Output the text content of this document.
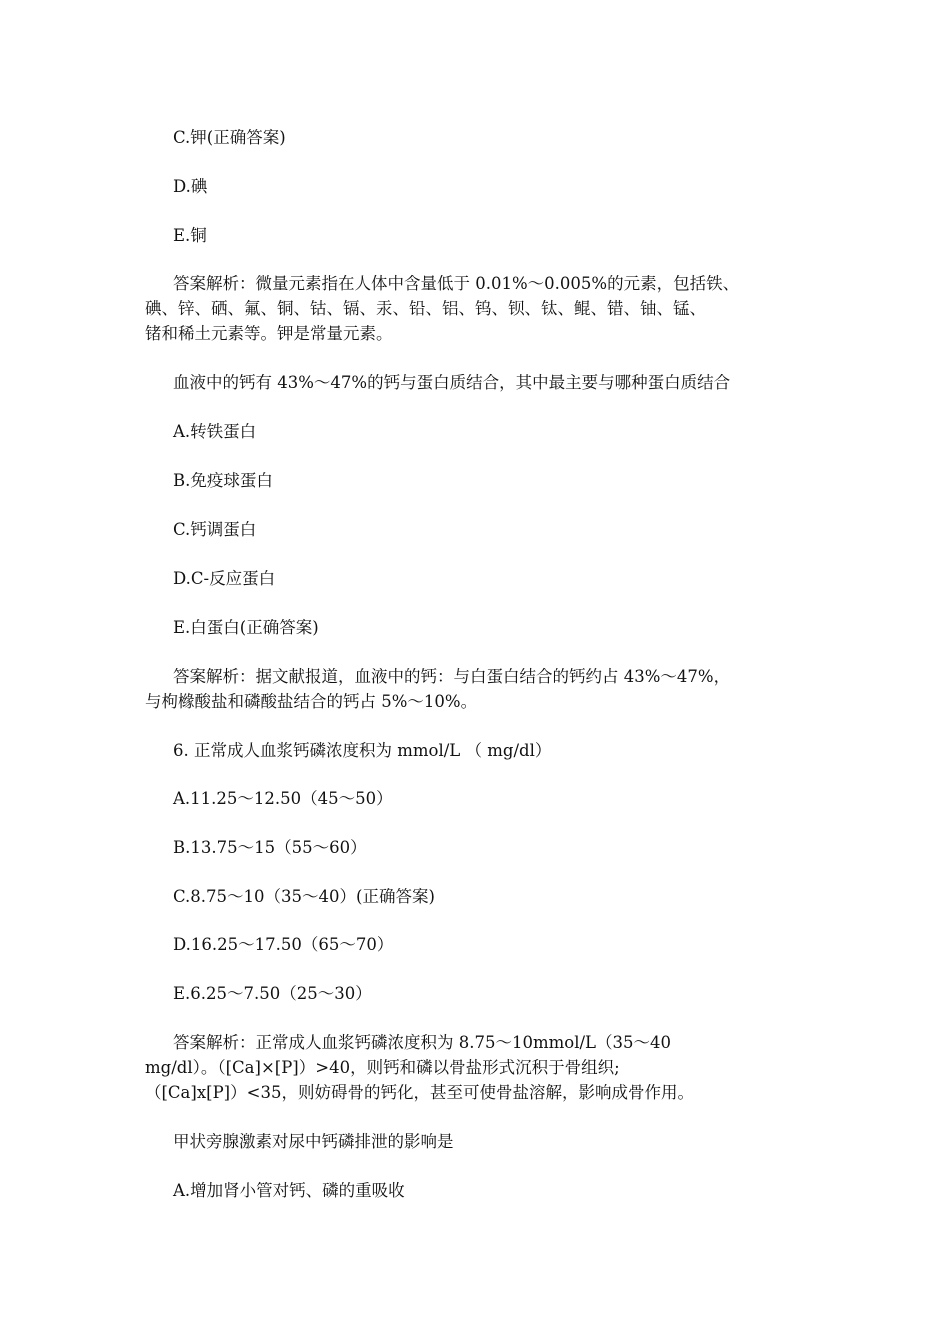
C.钾(正确答案)
D.碘
E.铜
答案解析：微量元素指在人体中含量低于 0.01%～0.005%的元素，包括铁、
碘、锌、硒、氟、铜、钴、镉、汞、铅、铝、钨、钡、钛、鲲、错、铀、锰、
锗和稀土元素等。钾是常量元素。
血液中的钙有 43%～47%的钙与蛋白质结合，其中最主要与哪种蛋白质结合
A.转铁蛋白
B.免疫球蛋白
C.钙调蛋白
D.C-反应蛋白
E.白蛋白(正确答案)
答案解析：据文献报道，血液中的钙：与白蛋白结合的钙约占 43%～47%，
与枸橼酸盐和磷酸盐结合的钙占 5%～10%。
6. 正常成人血浆钙磷浓度积为 mmol/L （ mg/dl）
A.11.25～12.50（45～50）
B.13.75～15（55～60）
C.8.75～10（35～40）(正确答案)
D.16.25～17.50（65～70）
E.6.25～7.50（25～30）
答案解析：正常成人血浆钙磷浓度积为 8.75～10mmol/L（35～40
mg/dl）。（[Ca]×[P]）>40，则钙和磷以骨盐形式沉积于骨组织;
（[Ca]x[P]）<35，则妨碍骨的钙化，甚至可使骨盐溶解，影响成骨作用。
甲状旁腺激素对尿中钙磷排泄的影响是
A.增加肾小管对钙、磷的重吸收
